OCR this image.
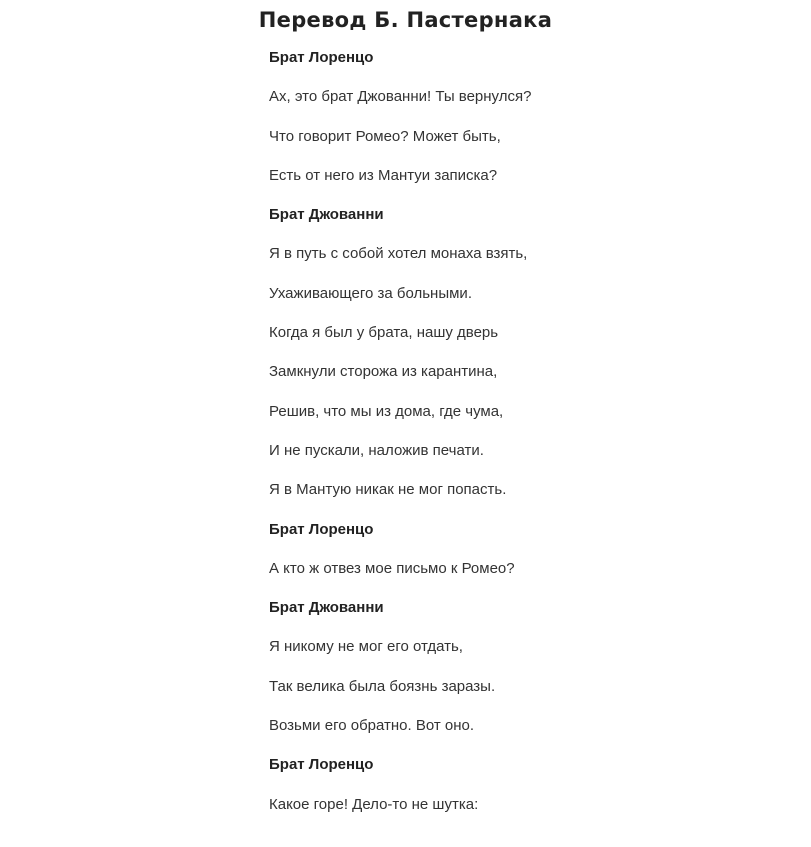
Перевод Б. Пастернака
Брат Лоренцо
Ах, это брат Джованни! Ты вернулся?
Что говорит Ромео? Может быть,
Есть от него из Мантуи записка?
Брат Джованни
Я в путь с собой хотел монаха взять,
Ухаживающего за больными.
Когда я был у брата, нашу дверь
Замкнули сторожа из карантина,
Решив, что мы из дома, где чума,
И не пускали, наложив печати.
Я в Мантую никак не мог попасть.
Брат Лоренцо
А кто ж отвез мое письмо к Ромео?
Брат Джованни
Я никому не мог его отдать,
Так велика была боязнь заразы.
Возьми его обратно. Вот оно.
Брат Лоренцо
Какое горе! Дело-то не шутка:
